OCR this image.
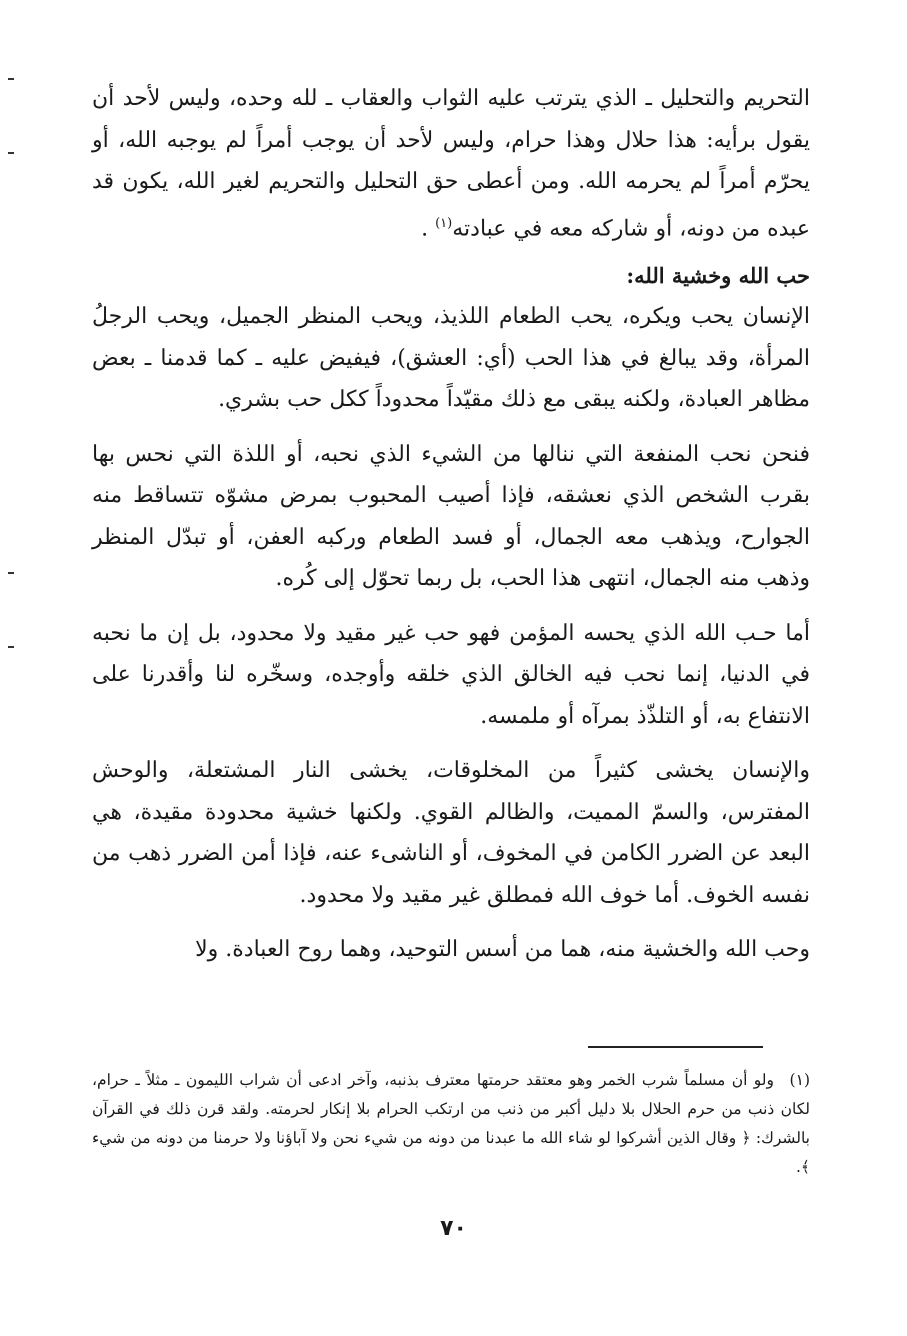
التحريم والتحليل ـ الذي يترتب عليه الثواب والعقاب ـ لله وحده، وليس لأحد أن يقول برأيه: هذا حلال وهذا حرام، وليس لأحد أن يوجب أمراً لم يوجبه الله، أو يحرّم أمراً لم يحرمه الله. ومن أعطى حق التحليل والتحريم لغير الله، يكون قد عبده من دونه، أو شاركه معه في عبادته$^{(١)}$ .

حب الله وخشية الله:

الإنسان يحب ويكره، يحب الطعام اللذيذ، ويحب المنظر الجميل، ويحب الرجلُ المرأة، وقد يبالغ في هذا الحب (أي: العشق)، فيفيض عليه ـ كما قدمنا ـ بعض مظاهر العبادة، ولكنه يبقى مع ذلك مقيّداً محدوداً ككل حب بشري.

فنحن نحب المنفعة التي ننالها من الشيء الذي نحبه، أو اللذة التي نحس بها بقرب الشخص الذي نعشقه، فإذا أصيب المحبوب بمرض مشوّه تتساقط منه الجوارح، ويذهب معه الجمال، أو فسد الطعام وركبه العفن، أو تبدّل المنظر وذهب منه الجمال، انتهى هذا الحب، بل ربما تحوّل إلى كُره.

أما حـب الله الذي يحسه المؤمن فهو حب غير مقيد ولا محدود، بل إن ما نحبه في الدنيا، إنما نحب فيه الخالق الذي خلقه وأوجده، وسخّره لنا وأقدرنا على الانتفاع به، أو التلذّذ بمرآه أو ملمسه.

والإنسان يخشى كثيراً من المخلوقات، يخشى النار المشتعلة، والوحش المفترس، والسمّ المميت، والظالم القوي. ولكنها خشية محدودة مقيدة، هي البعد عن الضرر الكامن في المخوف، أو الناشىء عنه، فإذا أمن الضرر ذهب من نفسه الخوف. أما خوف الله فمطلق غير مقيد ولا محدود.

وحب الله والخشية منه، هما من أسس التوحيد، وهما روح العبادة. ولا

(١)ولو أن مسلماً شرب الخمر وهو معتقد حرمتها معترف بذنبه، وآخر ادعى أن شراب الليمون ـ مثلاً ـ حرام، لكان ذنب من حرم الحلال بلا دليل أكبر من ذنب من ارتكب الحرام بلا إنكار لحرمته. ولقد قرن ذلك في القرآن بالشرك: ﴿ وقال الذين أشركوا لو شاء الله ما عبدنا من دونه من شيء نحن ولا آباؤنا ولا حرمنا من دونه من شيء ﴾.
٧٠
